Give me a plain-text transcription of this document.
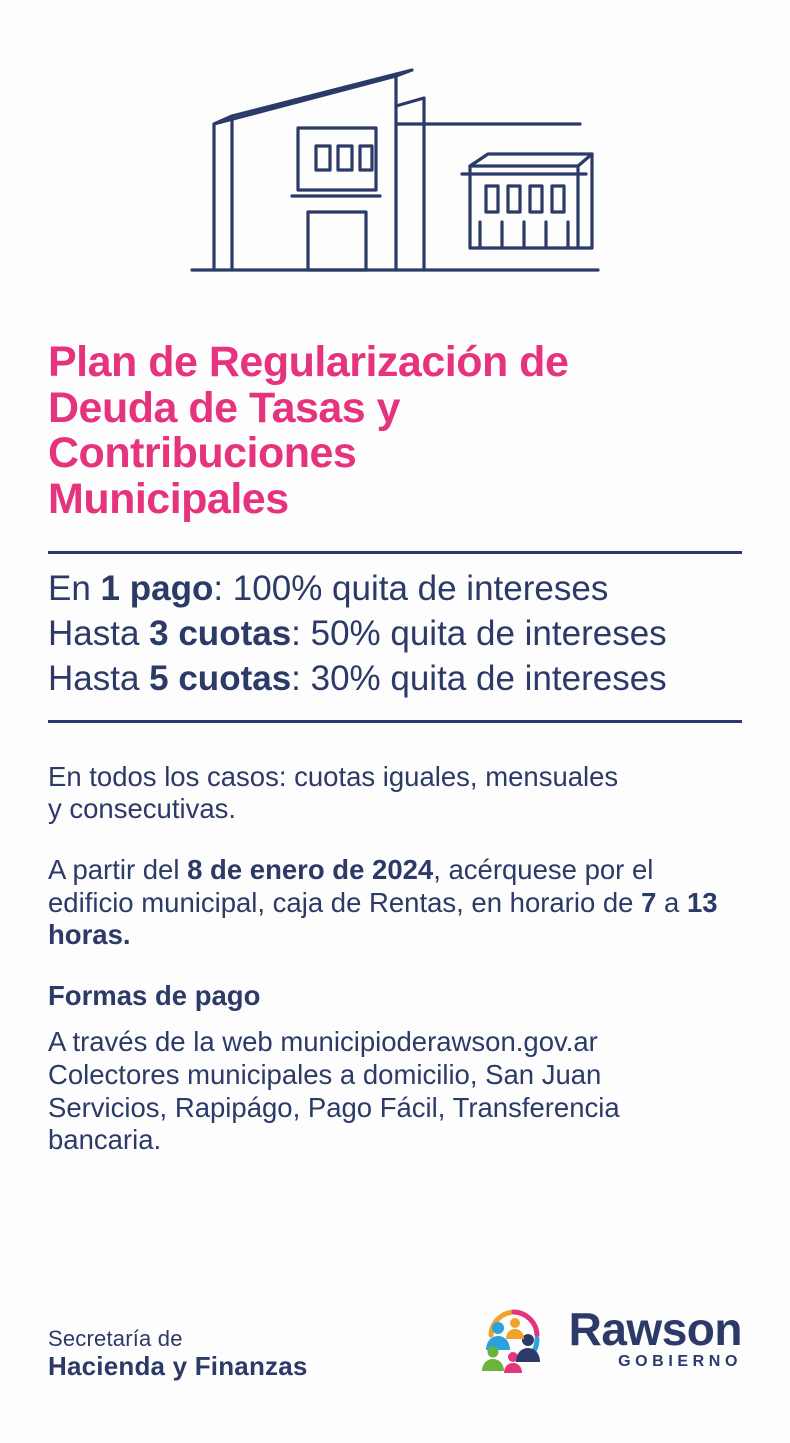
Plan de Regularización de
Deuda de Tasas y
Contribuciones
Municipales
En 1 pago: 100% quita de intereses
Hasta 3 cuotas: 50% quita de intereses
Hasta 5 cuotas: 30% quita de intereses

En todos los casos: cuotas iguales, mensuales
y consecutivas.

A partir del 8 de enero de 2024, acérquese por el edificio municipal, caja de Rentas, en horario de 7 a 13 horas.

Formas de pago

A través de la web municipioderawson.gov.ar
Colectores municipales a domicilio, San Juan
Servicios, Rapipágo, Pago Fácil, Transferencia
bancaria.

Secretaría de
Hacienda y Finanzas
Rawson
GOBIERNO
